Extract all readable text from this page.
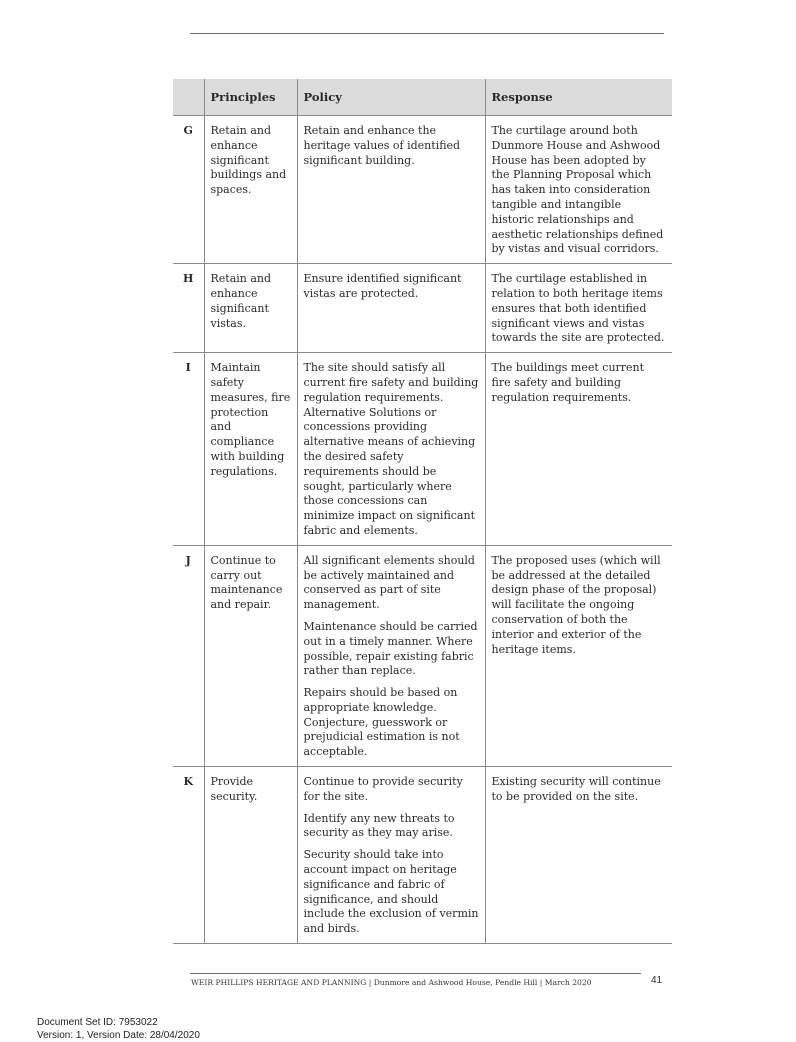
	Principles	Policy	Response
G	Retain and enhance significant buildings and spaces.	Retain and enhance the heritage values of identified significant building.	The curtilage around both Dunmore House and Ashwood House has been adopted by the Planning Proposal which has taken into consideration tangible and intangible historic relationships and aesthetic relationships defined by vistas and visual corridors.
H	Retain and enhance significant vistas.	Ensure identified significant vistas are protected.	The curtilage established in relation to both heritage items ensures that both identified significant views and vistas towards the site are protected.
I	Maintain safety measures, fire protection and compliance with building regulations.	The site should satisfy all current fire safety and building regulation requirements. Alternative Solutions or concessions providing alternative means of achieving the desired safety requirements should be sought, particularly where those concessions can minimize impact on significant fabric and elements.	The buildings meet current fire safety and building regulation requirements.
J	Continue to carry out maintenance and repair.	All significant elements should be actively maintained and conserved as part of site management.

Maintenance should be carried out in a timely manner. Where possible, repair existing fabric rather than replace.

Repairs should be based on appropriate knowledge. Conjecture, guesswork or prejudicial estimation is not acceptable.	The proposed uses (which will be addressed at the detailed design phase of the proposal) will facilitate the ongoing conservation of both the interior and exterior of the heritage items.
K	Provide security.	Continue to provide security for the site.

Identify any new threats to security as they may arise.

Security should take into account impact on heritage significance and fabric of significance, and should include the exclusion of vermin and birds.	Existing security will continue to be provided on the site.
WEIR PHILLIPS HERITAGE AND PLANNING | Dunmore and Ashwood House, Pendle Hill | March 2020	41
Document Set ID: 7953022
Version: 1, Version Date: 28/04/2020
